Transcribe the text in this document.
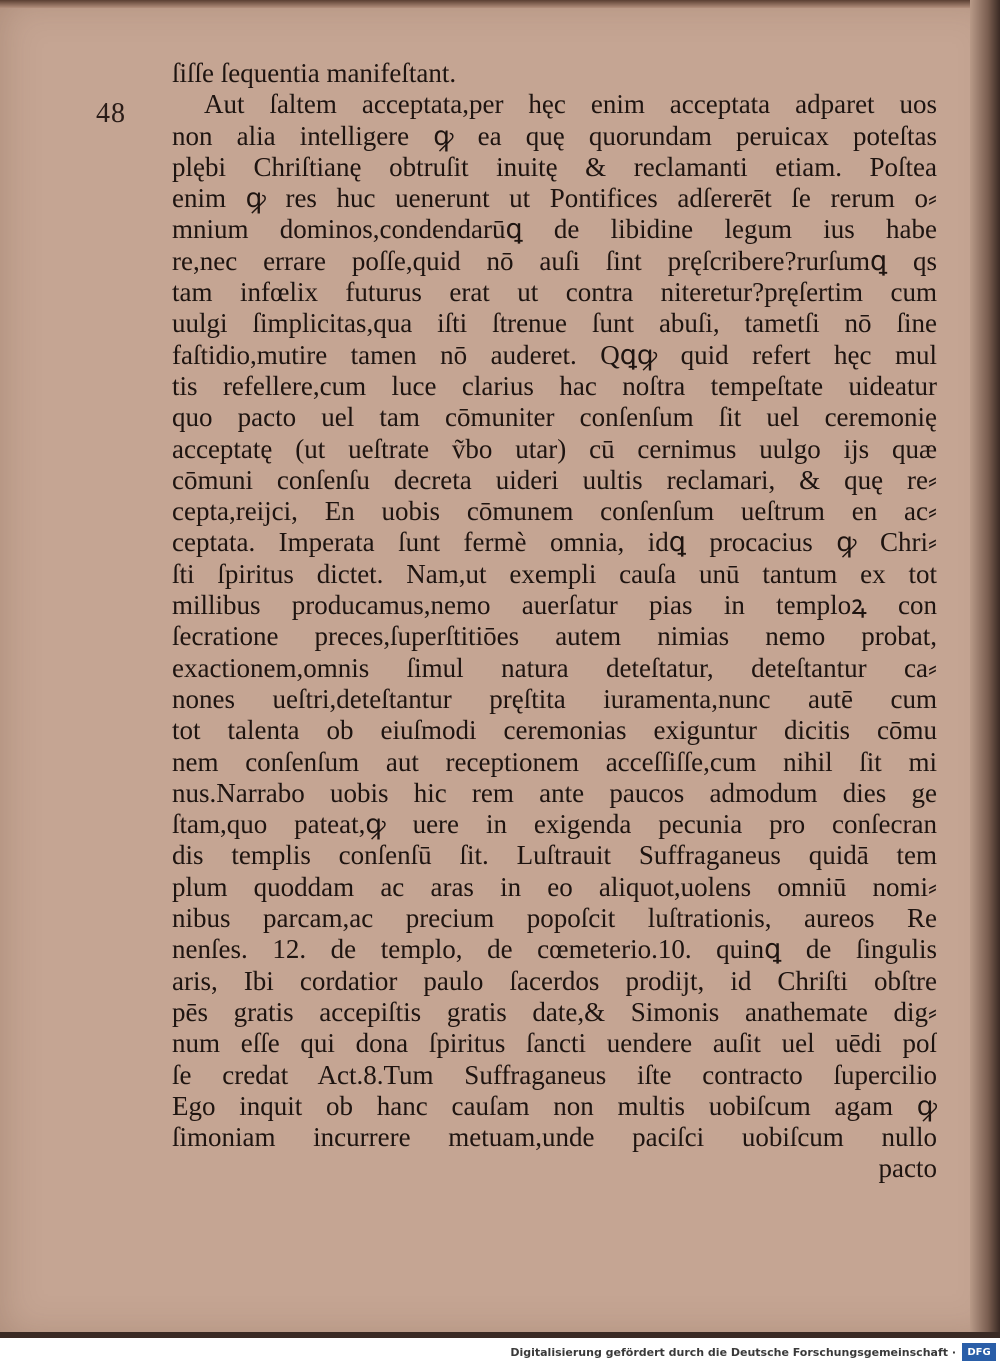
48
ſiſſe ſequentia manifeſtant.
Aut ſaltem acceptata,per hęc enim acceptata adparet uos
non alia intelligere ꝙ ea quę quorundam peruicax poteſtas
plębi Chriſtianę obtruſit inuitę & reclamanti etiam. Poſtea
enim ꝙ res huc uenerunt ut Pontifices adſererēt ſe rerum o⸗
mnium dominos,condendarūꝗ de libidine legum ius habe
re,nec errare poſſe,quid nō auſi ſint pręſcribere?rurſumꝗ qs
tam infœlix futurus erat ut contra niteretur?pręſertim cum
uulgi ſimplicitas,qua iſti ſtrenue ſunt abuſi, tametſi nō ſine
faſtidio,mutire tamen nō auderet. Qꝗꝙ quid refert hęc mul
tis refellere,cum luce clarius hac noſtra tempeſtate uideatur
quo pacto uel tam cōmuniter conſenſum ſit uel ceremonię
acceptatę (ut ueſtrate ṽbo utar) cū cernimus uulgo ijs quæ
cōmuni conſenſu decreta uideri uultis reclamari, & quę re⸗
cepta,reijci, En uobis cōmunem conſenſum ueſtrum en ac⸗
ceptata. Imperata ſunt fermè omnia, idꝗ procacius ꝙ Chri⸗
ſti ſpiritus dictet. Nam,ut exempli cauſa unū tantum ex tot
millibus producamus,nemo auerſatur pias in temploꝝ con
ſecratione preces,ſuperſtitiōes autem nimias nemo probat,
exactionem,omnis ſimul natura deteſtatur, deteſtantur ca⸗
nones ueſtri,deteſtantur pręſtita iuramenta,nunc autē cum
tot talenta ob eiuſmodi ceremonias exiguntur dicitis cōmu
nem conſenſum aut receptionem acceſſiſſe,cum nihil ſit mi
nus.Narrabo uobis hic rem ante paucos admodum dies ge
ſtam,quo pateat,ꝙ uere in exigenda pecunia pro conſecran
dis templis conſenſū ſit. Luſtrauit Suffraganeus quidā tem
plum quoddam ac aras in eo aliquot,uolens omniū nomi⸗
nibus parcam,ac precium popoſcit luſtrationis, aureos Re
nenſes. 12. de templo, de cœmeterio.10. quinꝗ de ſingulis
aris, Ibi cordatior paulo ſacerdos prodijt, id Chriſti obſtre
pēs gratis accepiſtis gratis date,& Simonis anathemate dig⸗
num eſſe qui dona ſpiritus ſancti uendere auſit uel uēdi poſ
ſe credat Act.8.Tum Suffraganeus iſte contracto ſupercilio
Ego inquit ob hanc cauſam non multis uobiſcum agam ꝙ
ſimoniam incurrere metuam,unde paciſci uobiſcum nullo
pacto
Digitalisierung gefördert durch die Deutsche Forschungsgemeinschaft ·	DFG
